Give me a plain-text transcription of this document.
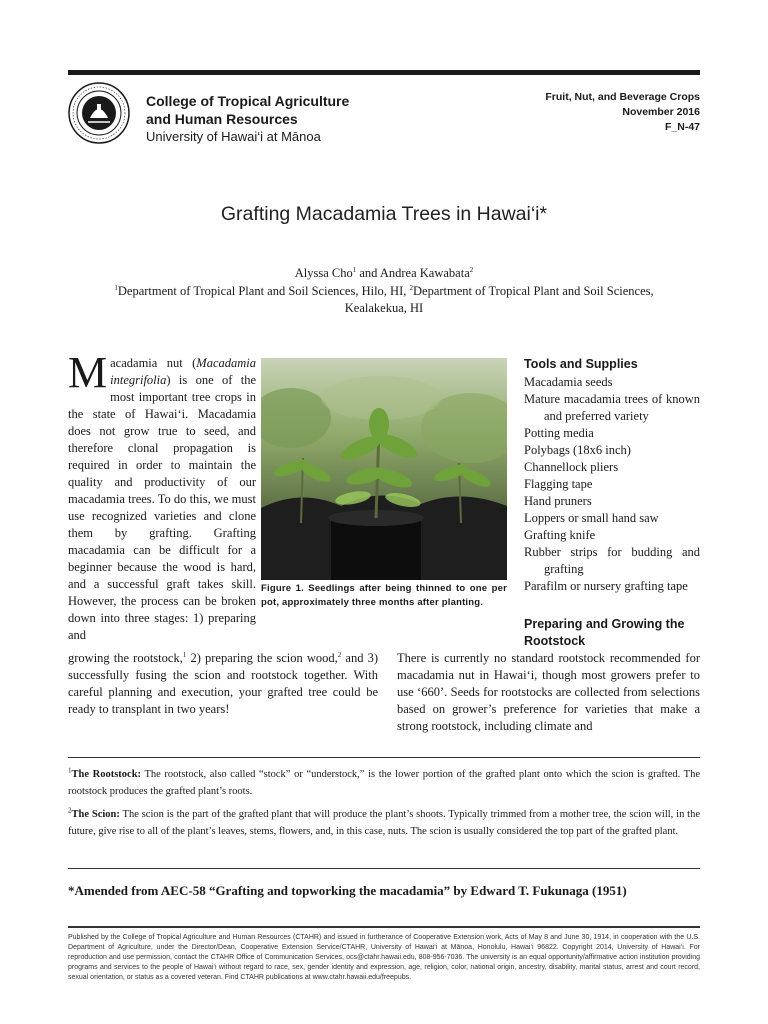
College of Tropical Agriculture
and Human Resources
University of Hawai‘i at Mānoa
Fruit, Nut, and Beverage Crops
November 2016
F_N-47
Grafting Macadamia Trees in Hawai‘i*
Alyssa Cho$^1$ and Andrea Kawabata$^2$
$^1$Department of Tropical Plant and Soil Sciences, Hilo, HI, $^2$Department of Tropical Plant and Soil Sciences, Kealakekua, HI
Macadamia nut (Macadamia integrifolia) is one of the most important tree crops in the state of Hawai‘i. Macadamia does not grow true to seed, and therefore clonal propagation is required in order to maintain the quality and productivity of our macadamia trees. To do this, we must use recognized varieties and clone them by grafting. Grafting macadamia can be difficult for a beginner because the wood is hard, and a successful graft takes skill. However, the process can be broken down into three stages: 1) preparing and
growing the rootstock,$^1$ 2) preparing the scion wood,$^2$ and 3) successfully fusing the scion and rootstock together. With careful planning and execution, your grafted tree could be ready to transplant in two years!
Figure 1. Seedlings after being thinned to one per pot, approximately three months after planting.
Tools and Supplies
Macadamia seeds
Mature macadamia trees of known and preferred variety
Potting media
Polybags (18x6 inch)
Channellock pliers
Flagging tape
Hand pruners
Loppers or small hand saw
Grafting knife
Rubber strips for budding and grafting
Parafilm or nursery grafting tape
Preparing and Growing the Rootstock
There is currently no standard rootstock recommended for macadamia nut in Hawai‘i, though most growers prefer to use ‘660’. Seeds for rootstocks are collected from selections based on grower’s preference for varieties that make a strong rootstock, including climate and
$^1$The Rootstock: The rootstock, also called “stock” or “understock,” is the lower portion of the grafted plant onto which the scion is grafted. The rootstock produces the grafted plant’s roots.
$^2$The Scion: The scion is the part of the grafted plant that will produce the plant’s shoots. Typically trimmed from a mother tree, the scion will, in the future, give rise to all of the plant’s leaves, stems, flowers, and, in this case, nuts. The scion is usually considered the top part of the grafted plant.
*Amended from AEC-58 “Grafting and topworking the macadamia” by Edward T. Fukunaga (1951)
Published by the College of Tropical Agriculture and Human Resources (CTAHR) and issued in furtherance of Cooperative Extension work, Acts of May 8 and June 30, 1914, in cooperation with the U.S. Department of Agriculture, under the Director/Dean, Cooperative Extension Service/CTAHR, University of Hawai‘i at Mānoa, Honolulu, Hawai‘i 96822. Copyright 2014, University of Hawai‘i. For reproduction and use permission, contact the CTAHR Office of Communication Services, ocs@ctahr.hawaii.edu, 808-956-7036. The university is an equal opportunity/affirmative action institution providing programs and services to the people of Hawai‘i without regard to race, sex, gender identity and expression, age, religion, color, national origin, ancestry, disability, marital status, arrest and court record, sexual orientation, or status as a covered veteran. Find CTAHR publications at www.ctahr.hawaii.edu/freepubs.
